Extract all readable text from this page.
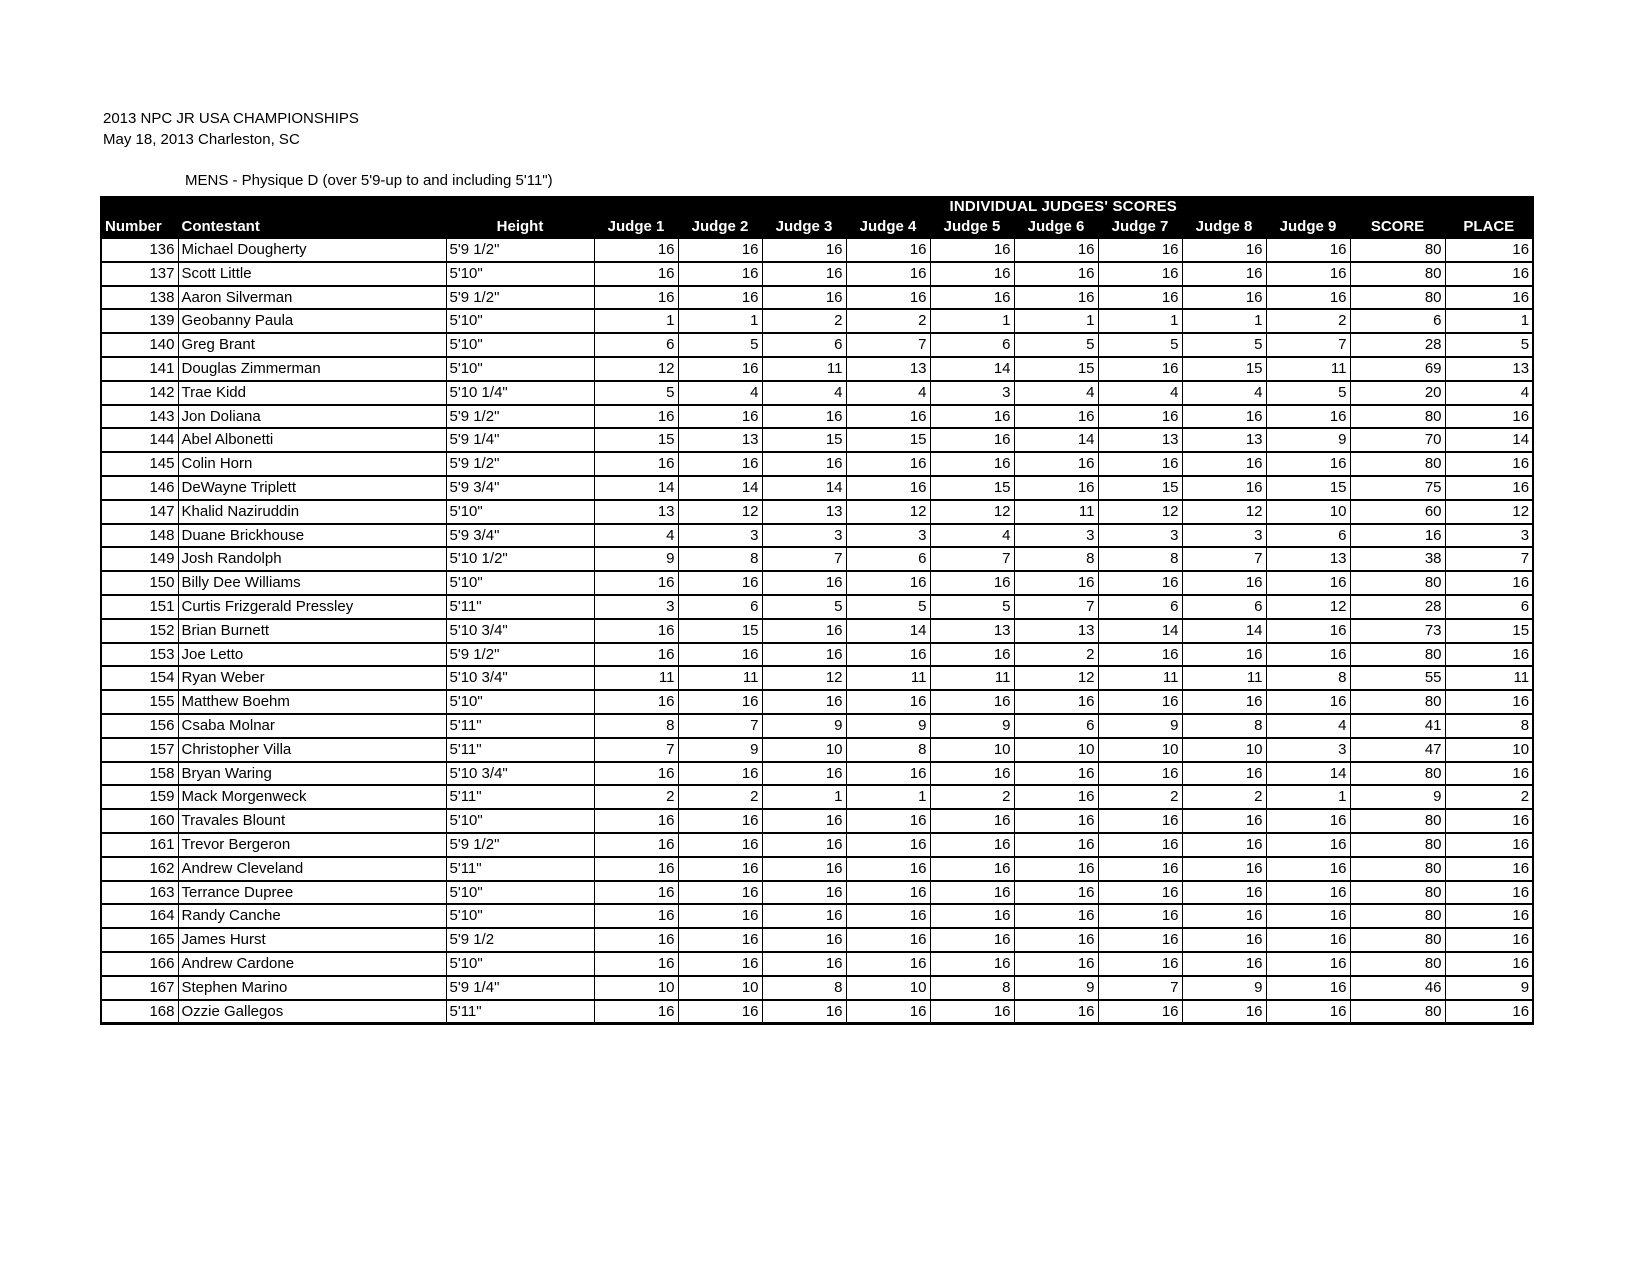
2013 NPC JR USA CHAMPIONSHIPS
May 18, 2013 Charleston, SC
MENS - Physique D (over 5'9-up to and including 5'11")
			INDIVIDUAL JUDGES' SCORES										
Number	Contestant	Height	Judge 1	Judge 2	Judge 3	Judge 4	Judge 5	Judge 6	Judge 7	Judge 8	Judge 9	SCORE	PLACE
136	Michael Dougherty	5'9 1/2"	16	16	16	16	16	16	16	16	16	80	16
137	Scott Little	5'10"	16	16	16	16	16	16	16	16	16	80	16
138	Aaron Silverman	5'9 1/2"	16	16	16	16	16	16	16	16	16	80	16
139	Geobanny Paula	5'10"	1	1	2	2	1	1	1	1	2	6	1
140	Greg Brant	5'10"	6	5	6	7	6	5	5	5	7	28	5
141	Douglas Zimmerman	5'10"	12	16	11	13	14	15	16	15	11	69	13
142	Trae Kidd	5'10 1/4"	5	4	4	4	3	4	4	4	5	20	4
143	Jon Doliana	5'9 1/2"	16	16	16	16	16	16	16	16	16	80	16
144	Abel Albonetti	5'9 1/4"	15	13	15	15	16	14	13	13	9	70	14
145	Colin Horn	5'9 1/2"	16	16	16	16	16	16	16	16	16	80	16
146	DeWayne Triplett	5'9 3/4"	14	14	14	16	15	16	15	16	15	75	16
147	Khalid Naziruddin	5'10"	13	12	13	12	12	11	12	12	10	60	12
148	Duane Brickhouse	5'9 3/4"	4	3	3	3	4	3	3	3	6	16	3
149	Josh Randolph	5'10 1/2"	9	8	7	6	7	8	8	7	13	38	7
150	Billy Dee Williams	5'10"	16	16	16	16	16	16	16	16	16	80	16
151	Curtis Frizgerald Pressley	5'11"	3	6	5	5	5	7	6	6	12	28	6
152	Brian Burnett	5'10 3/4"	16	15	16	14	13	13	14	14	16	73	15
153	Joe Letto	5'9 1/2"	16	16	16	16	16	2	16	16	16	80	16
154	Ryan Weber	5'10 3/4"	11	11	12	11	11	12	11	11	8	55	11
155	Matthew Boehm	5'10"	16	16	16	16	16	16	16	16	16	80	16
156	Csaba Molnar	5'11"	8	7	9	9	9	6	9	8	4	41	8
157	Christopher Villa	5'11"	7	9	10	8	10	10	10	10	3	47	10
158	Bryan Waring	5'10 3/4"	16	16	16	16	16	16	16	16	14	80	16
159	Mack Morgenweck	5'11"	2	2	1	1	2	16	2	2	1	9	2
160	Travales Blount	5'10"	16	16	16	16	16	16	16	16	16	80	16
161	Trevor Bergeron	5'9 1/2"	16	16	16	16	16	16	16	16	16	80	16
162	Andrew Cleveland	5'11"	16	16	16	16	16	16	16	16	16	80	16
163	Terrance Dupree	5'10"	16	16	16	16	16	16	16	16	16	80	16
164	Randy Canche	5'10"	16	16	16	16	16	16	16	16	16	80	16
165	James Hurst	5'9 1/2	16	16	16	16	16	16	16	16	16	80	16
166	Andrew Cardone	5'10"	16	16	16	16	16	16	16	16	16	80	16
167	Stephen Marino	5'9 1/4"	10	10	8	10	8	9	7	9	16	46	9
168	Ozzie Gallegos	5'11"	16	16	16	16	16	16	16	16	16	80	16
